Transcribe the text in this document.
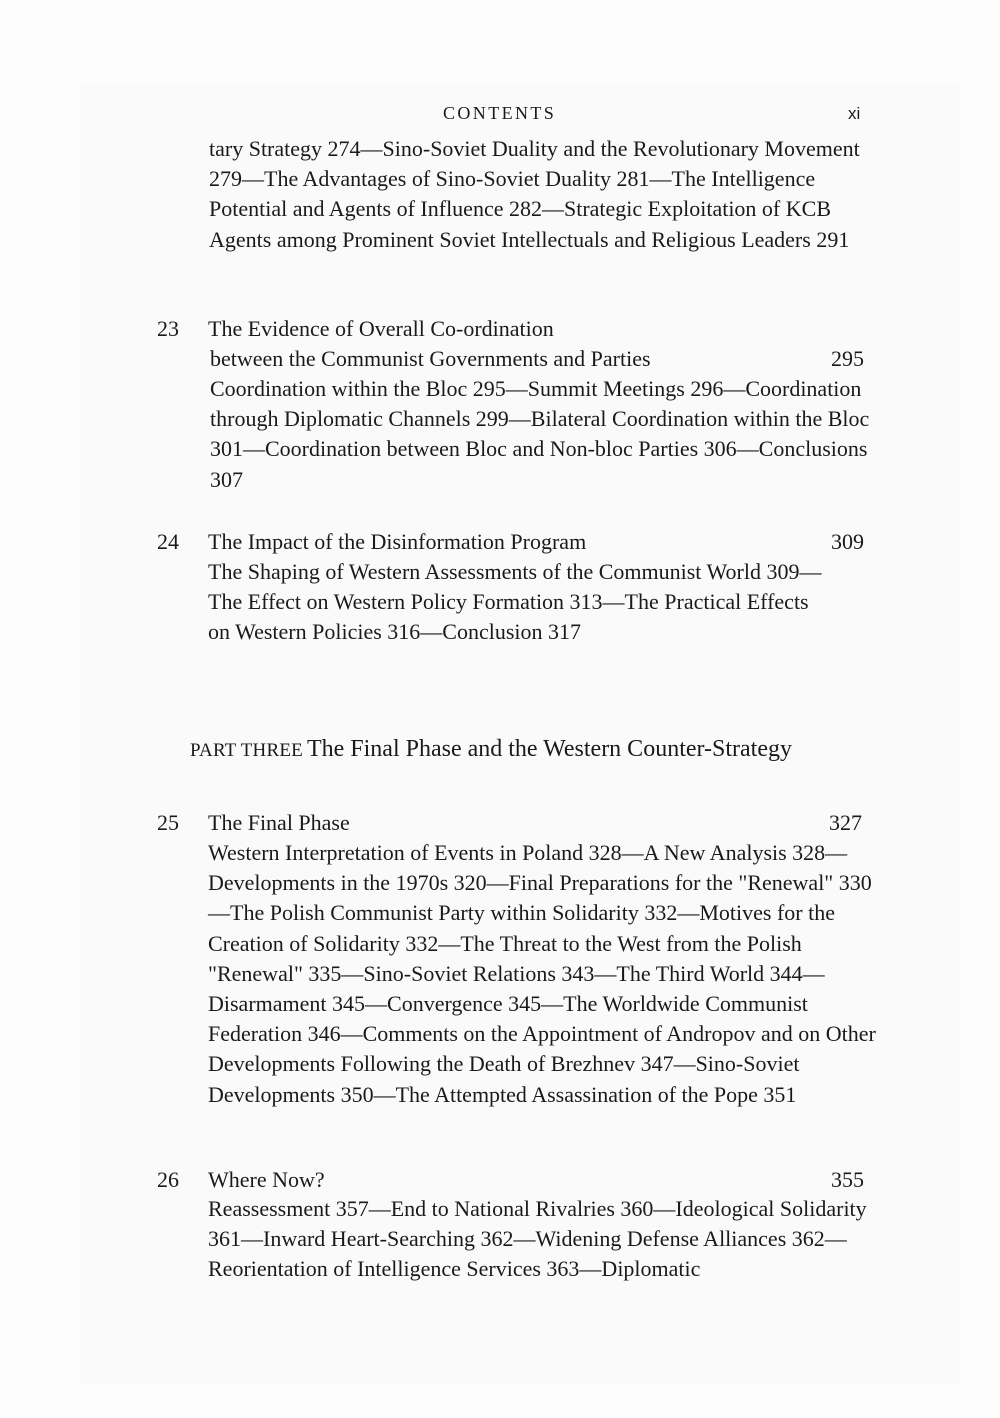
CONTENTS	xi

tary Strategy 274—Sino-Soviet Duality and the Revolutionary Movement 279—The Advantages of Sino-Soviet Duality 281—The Intelligence Potential and Agents of Influence 282—Strategic Exploitation of KCB Agents among Prominent Soviet Intellectuals and Religious Leaders 291

23 The Evidence of Overall Co-ordination
between the Communist Governments and Parties	295

Coordination within the Bloc 295—Summit Meetings 296—Coordination through Diplomatic Channels 299—Bilateral Coordination within the Bloc 301—Coordination between Bloc and Non-bloc Parties 306—Conclusions 307

24 The Impact of the Disinformation Program	309
The Shaping of Western Assessments of the Communist World 309—
The Effect on Western Policy Formation 313—The Practical Effects
on Western Policies 316—Conclusion 317
PART THREE The Final Phase and the Western Counter-Strategy
25 The Final Phase	327

Western Interpretation of Events in Poland 328—A New Analysis 328—Developments in the 1970s 320—Final Preparations for the "Renewal" 330—The Polish Communist Party within Solidarity 332—Motives for the Creation of Solidarity 332—The Threat to the West from the Polish "Renewal" 335—Sino-Soviet Relations 343—The Third World 344—Disarmament 345—Convergence 345—The Worldwide Communist Federation 346—Comments on the Appointment of Andropov and on Other Developments Following the Death of Brezhnev 347—Sino-Soviet Developments 350—The Attempted Assassination of the Pope 351

26 Where Now?	355

Reassessment 357—End to National Rivalries 360—Ideological Solidarity 361—Inward Heart-Searching 362—Widening Defense Alliances 362—Reorientation of Intelligence Services 363—Diplomatic
